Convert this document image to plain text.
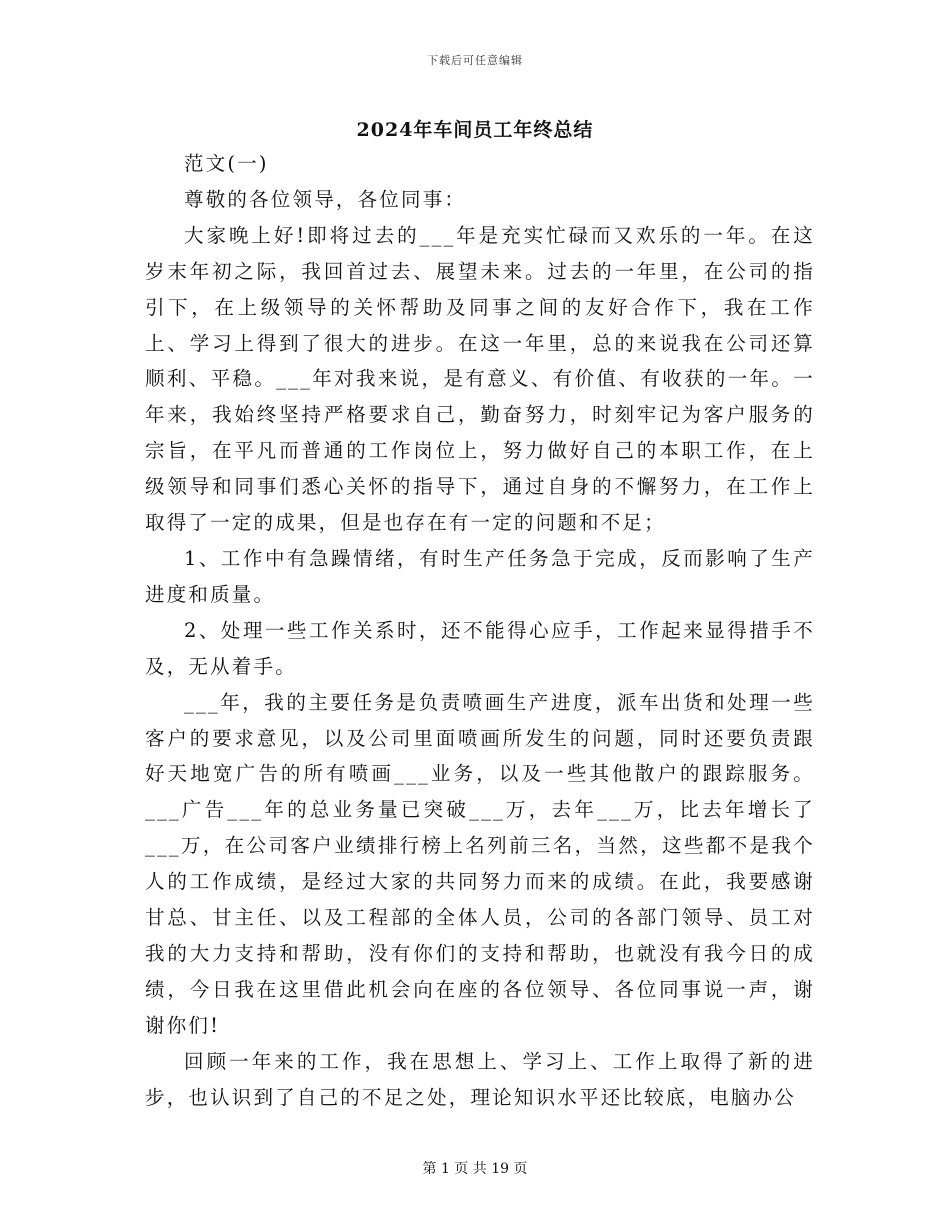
下载后可任意编辑
2024年车间员工年终总结

范文(一)

尊敬的各位领导，各位同事：

大家晚上好!即将过去的___年是充实忙碌而又欢乐的一年。在这岁末年初之际，我回首过去、展望未来。过去的一年里，在公司的指引下，在上级领导的关怀帮助及同事之间的友好合作下，我在工作上、学习上得到了很大的进步。在这一年里，总的来说我在公司还算顺利、平稳。___年对我来说，是有意义、有价值、有收获的一年。一年来，我始终坚持严格要求自己，勤奋努力，时刻牢记为客户服务的宗旨，在平凡而普通的工作岗位上，努力做好自己的本职工作，在上级领导和同事们悉心关怀的指导下，通过自身的不懈努力，在工作上取得了一定的成果，但是也存在有一定的问题和不足；

1、工作中有急躁情绪，有时生产任务急于完成，反而影响了生产进度和质量。

2、处理一些工作关系时，还不能得心应手，工作起来显得措手不及，无从着手。

___年，我的主要任务是负责喷画生产进度，派车出货和处理一些客户的要求意见，以及公司里面喷画所发生的问题，同时还要负责跟好天地宽广告的所有喷画___业务，以及一些其他散户的跟踪服务。___广告___年的总业务量已突破___万，去年___万，比去年增长了___万，在公司客户业绩排行榜上名列前三名，当然，这些都不是我个人的工作成绩，是经过大家的共同努力而来的成绩。在此，我要感谢甘总、甘主任、以及工程部的全体人员，公司的各部门领导、员工对我的大力支持和帮助，没有你们的支持和帮助，也就没有我今日的成绩，今日我在这里借此机会向在座的各位领导、各位同事说一声，谢谢你们!

回顾一年来的工作，我在思想上、学习上、工作上取得了新的进步，也认识到了自己的不足之处，理论知识水平还比较底，电脑办公

第 1 页 共 19 页
